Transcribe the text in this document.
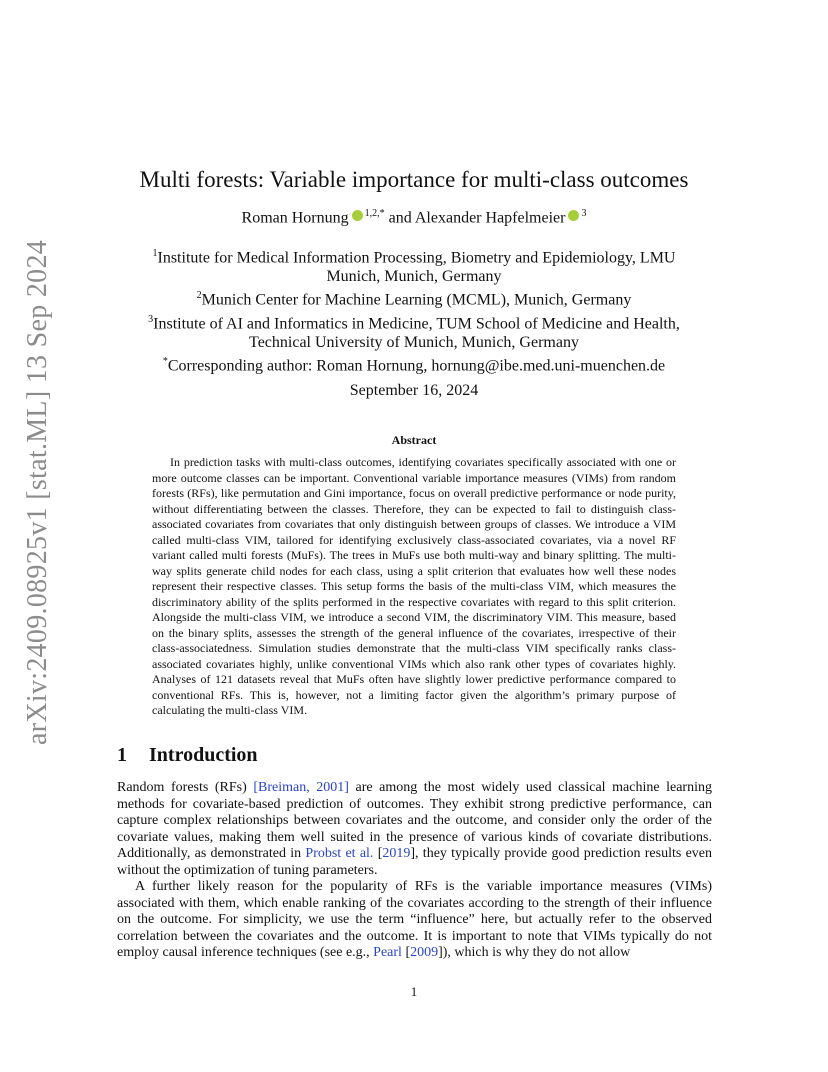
arXiv:2409.08925v1 [stat.ML] 13 Sep 2024
Multi forests: Variable importance for multi-class outcomes
Roman Hornung $^{1,2,*}$ and Alexander Hapfelmeier $^3$
$^1$Institute for Medical Information Processing, Biometry and Epidemiology, LMU
Munich, Munich, Germany
$^2$Munich Center for Machine Learning (MCML), Munich, Germany
$^3$Institute of AI and Informatics in Medicine, TUM School of Medicine and Health,
Technical University of Munich, Munich, Germany
*Corresponding author: Roman Hornung, hornung@ibe.med.uni-muenchen.de
September 16, 2024
Abstract

In prediction tasks with multi-class outcomes, identifying covariates specifically associated with one or more outcome classes can be important. Conventional variable importance measures (VIMs) from random forests (RFs), like permutation and Gini importance, focus on overall predictive performance or node purity, without differentiating between the classes. Therefore, they can be expected to fail to distinguish class-associated covariates from covariates that only distinguish between groups of classes. We introduce a VIM called multi-class VIM, tailored for identifying exclusively class-associated covariates, via a novel RF variant called multi forests (MuFs). The trees in MuFs use both multi-way and binary splitting. The multi-way splits generate child nodes for each class, using a split criterion that evaluates how well these nodes represent their respective classes. This setup forms the basis of the multi-class VIM, which measures the discriminatory ability of the splits performed in the respective covariates with regard to this split criterion. Alongside the multi-class VIM, we introduce a second VIM, the discriminatory VIM. This measure, based on the binary splits, assesses the strength of the general influence of the covariates, irrespective of their class-associatedness. Simulation studies demonstrate that the multi-class VIM specifically ranks class-associated covariates highly, unlike conventional VIMs which also rank other types of covariates highly. Analyses of 121 datasets reveal that MuFs often have slightly lower predictive performance compared to conventional RFs. This is, however, not a limiting factor given the algorithm’s primary purpose of calculating the multi-class VIM.

1 Introduction

Random forests (RFs) [Breiman, 2001] are among the most widely used classical machine learning methods for covariate-based prediction of outcomes. They exhibit strong predictive performance, can capture complex relationships between covariates and the outcome, and consider only the order of the covariate values, making them well suited in the presence of various kinds of covariate distributions. Additionally, as demonstrated in Probst et al. [2019], they typically provide good prediction results even without the optimization of tuning parameters.

A further likely reason for the popularity of RFs is the variable importance measures (VIMs) associated with them, which enable ranking of the covariates according to the strength of their influence on the outcome. For simplicity, we use the term “influence” here, but actually refer to the observed correlation between the covariates and the outcome. It is important to note that VIMs typically do not employ causal inference techniques (see e.g., Pearl [2009]), which is why they do not allow

1
